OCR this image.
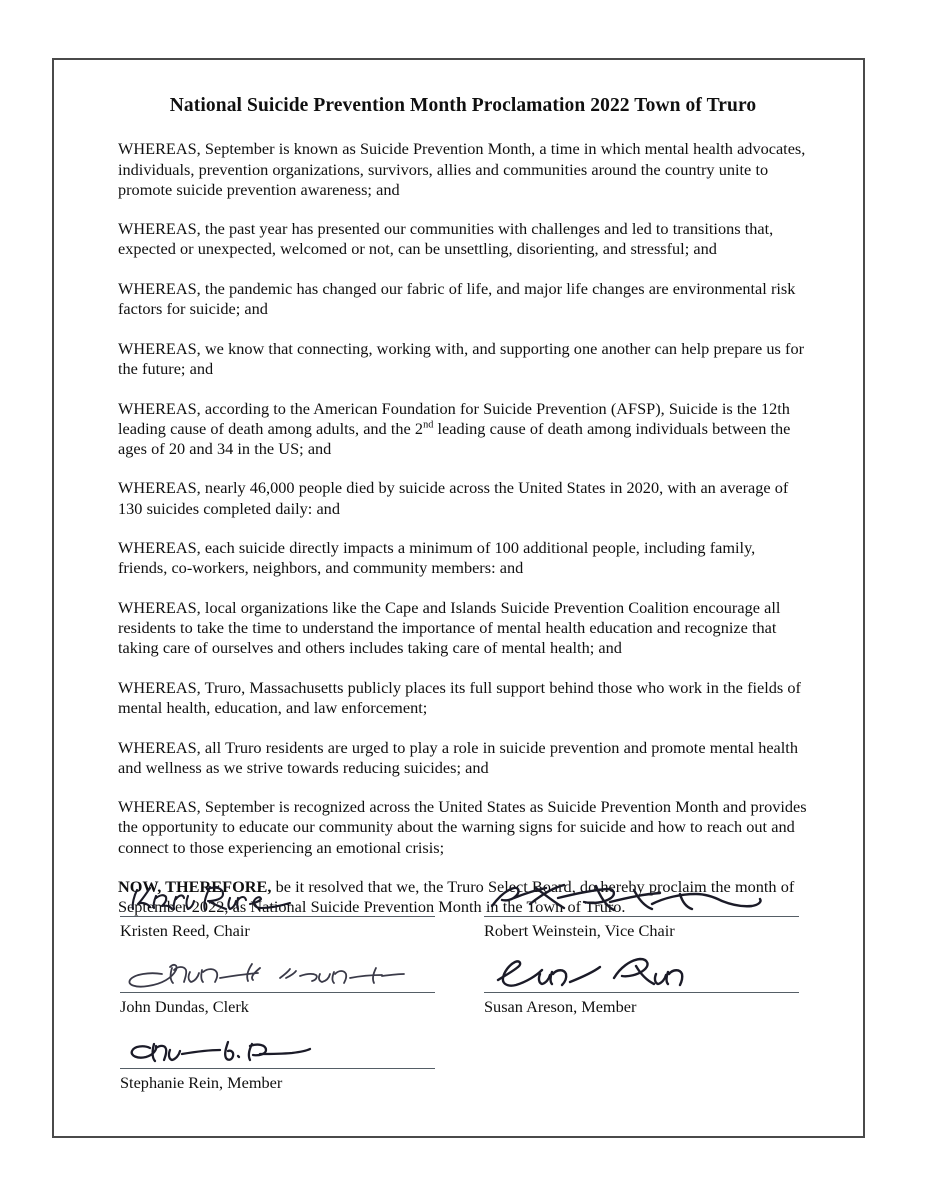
National Suicide Prevention Month Proclamation 2022 Town of Truro

WHEREAS, September is known as Suicide Prevention Month, a time in which mental health advocates, individuals, prevention organizations, survivors, allies and communities around the country unite to promote suicide prevention awareness; and

WHEREAS, the past year has presented our communities with challenges and led to transitions that, expected or unexpected, welcomed or not, can be unsettling, disorienting, and stressful; and

WHEREAS, the pandemic has changed our fabric of life, and major life changes are environmental risk factors for suicide; and

WHEREAS, we know that connecting, working with, and supporting one another can help prepare us for the future; and

WHEREAS, according to the American Foundation for Suicide Prevention (AFSP), Suicide is the 12th leading cause of death among adults, and the 2nd leading cause of death among individuals between the ages of 20 and 34 in the US; and

WHEREAS, nearly 46,000 people died by suicide across the United States in 2020, with an average of 130 suicides completed daily: and

WHEREAS, each suicide directly impacts a minimum of 100 additional people, including family, friends, co-workers, neighbors, and community members: and

WHEREAS, local organizations like the Cape and Islands Suicide Prevention Coalition encourage all residents to take the time to understand the importance of mental health education and recognize that taking care of ourselves and others includes taking care of mental health; and

WHEREAS, Truro, Massachusetts publicly places its full support behind those who work in the fields of mental health, education, and law enforcement;

WHEREAS, all Truro residents are urged to play a role in suicide prevention and promote mental health and wellness as we strive towards reducing suicides; and

WHEREAS, September is recognized across the United States as Suicide Prevention Month and provides the opportunity to educate our community about the warning signs for suicide and how to reach out and connect to those experiencing an emotional crisis;

NOW, THEREFORE, be it resolved that we, the Truro Select Board, do hereby proclaim the month of September 2022, as National Suicide Prevention Month in the Town of Truro.

Kristen Reed, Chair	Robert Weinstein, Vice Chair
John Dundas, Clerk	Susan Areson, Member
Stephanie Rein, Member
